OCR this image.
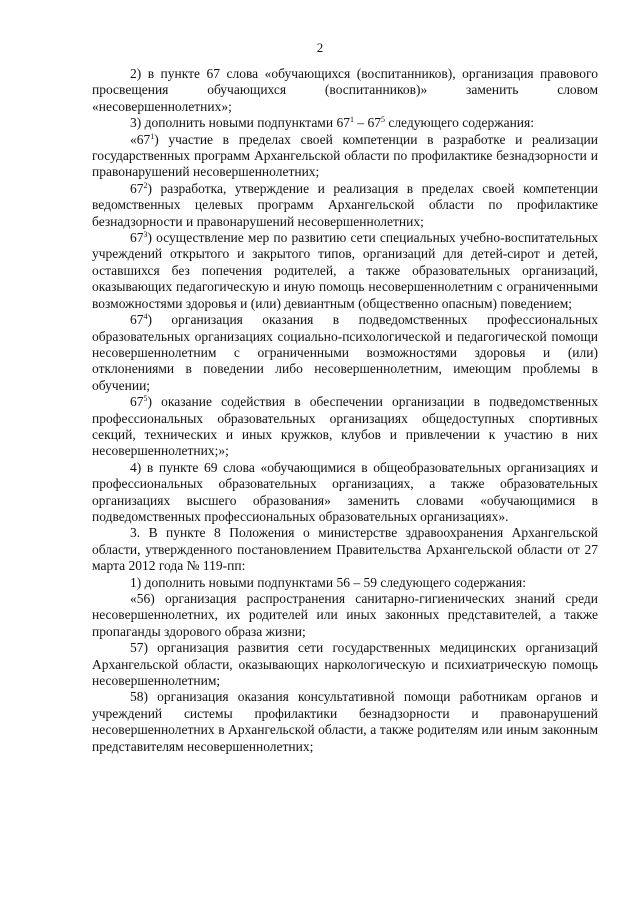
2

2) в пункте 67 слова «обучающихся (воспитанников), организация правового просвещения обучающихся (воспитанников)» заменить словом «несовершеннолетних»;

3) дополнить новыми подпунктами $67^1 - 67^5$ следующего содержания:

«$67^1$) участие в пределах своей компетенции в разработке и реализации государственных программ Архангельской области по профилактике безнадзорности и правонарушений несовершеннолетних;

$67^2$) разработка, утверждение и реализация в пределах своей компетенции ведомственных целевых программ Архангельской области по профилактике безнадзорности и правонарушений несовершеннолетних;

$67^3$) осуществление мер по развитию сети специальных учебно-воспитательных учреждений открытого и закрытого типов, организаций для детей-сирот и детей, оставшихся без попечения родителей, а также образовательных организаций, оказывающих педагогическую и иную помощь несовершеннолетним с ограниченными возможностями здоровья и (или) девиантным (общественно опасным) поведением;

$67^4$) организация оказания в подведомственных профессиональных образовательных организациях социально-психологической и педагогической помощи несовершеннолетним с ограниченными возможностями здоровья и (или) отклонениями в поведении либо несовершеннолетним, имеющим проблемы в обучении;

$67^5$) оказание содействия в обеспечении организации в подведомственных профессиональных образовательных организациях общедоступных спортивных секций, технических и иных кружков, клубов и привлечении к участию в них несовершеннолетних;»;

4) в пункте 69 слова «обучающимися в общеобразовательных организациях и профессиональных образовательных организациях, а также образовательных организациях высшего образования» заменить словами «обучающимися в подведомственных профессиональных образовательных организациях».

3. В пункте 8 Положения о министерстве здравоохранения Архангельской области, утвержденного постановлением Правительства Архангельской области от 27 марта 2012 года № 119-пп:

1) дополнить новыми подпунктами 56 – 59 следующего содержания:

«56) организация распространения санитарно-гигиенических знаний среди несовершеннолетних, их родителей или иных законных представителей, а также пропаганды здорового образа жизни;

57) организация развития сети государственных медицинских организаций Архангельской области, оказывающих наркологическую и психиатрическую помощь несовершеннолетним;

58) организация оказания консультативной помощи работникам органов и учреждений системы профилактики безнадзорности и правонарушений несовершеннолетних в Архангельской области, а также родителям или иным законным представителям несовершеннолетних;
